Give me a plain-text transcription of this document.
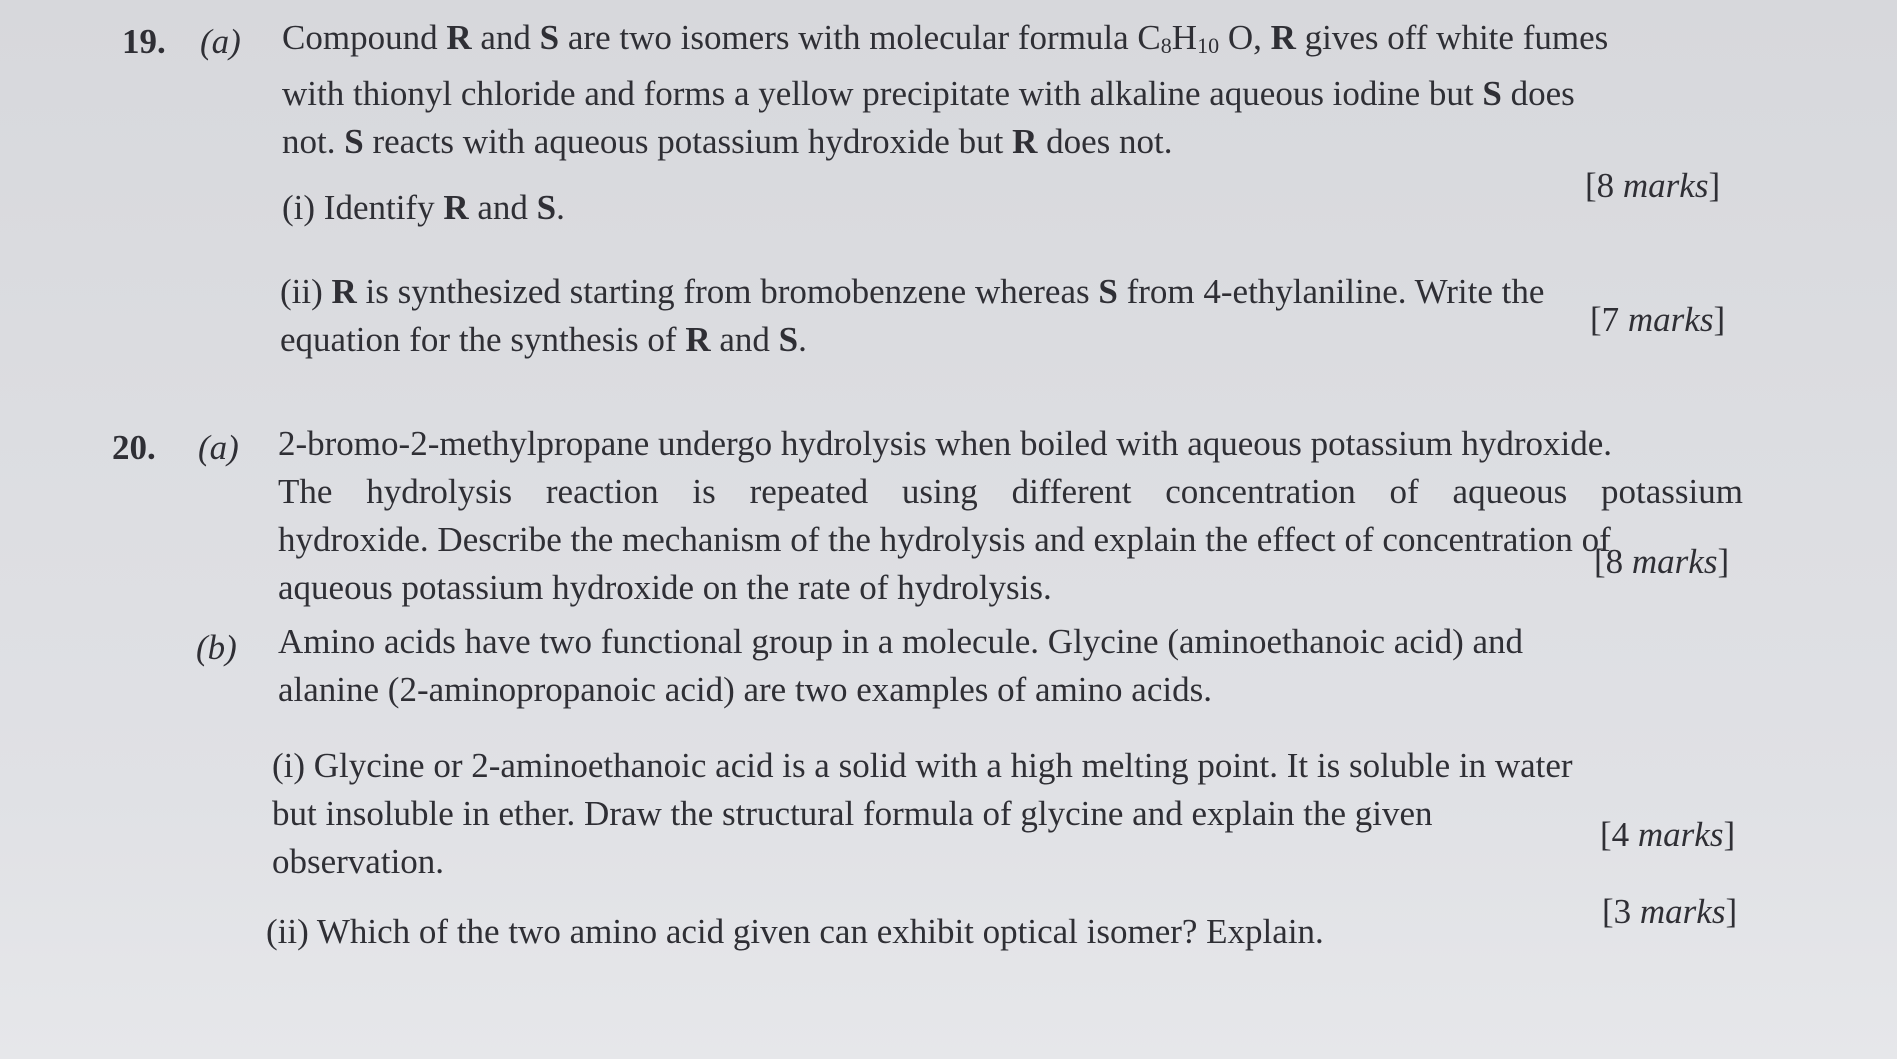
19. (a) Compound R and S are two isomers with molecular formula $C_8H_{10}$ O, R gives off white fumes
with thionyl chloride and forms a yellow precipitate with alkaline aqueous iodine but S does
not. S reacts with aqueous potassium hydroxide but R does not.
(i) Identify R and S.
[8 marks]
(ii) R is synthesized starting from bromobenzene whereas S from 4-ethylaniline. Write the
equation for the synthesis of R and S.
[7 marks]
20. (a) 2-bromo-2-methylpropane undergo hydrolysis when boiled with aqueous potassium hydroxide.
The hydrolysis reaction is repeated using different concentration of aqueous potassium
hydroxide. Describe the mechanism of the hydrolysis and explain the effect of concentration of
aqueous potassium hydroxide on the rate of hydrolysis.
[8 marks]
(b) Amino acids have two functional group in a molecule. Glycine (aminoethanoic acid) and
alanine (2-aminopropanoic acid) are two examples of amino acids.
(i) Glycine or 2-aminoethanoic acid is a solid with a high melting point. It is soluble in water
but insoluble in ether. Draw the structural formula of glycine and explain the given
observation.
[4 marks]
(ii) Which of the two amino acid given can exhibit optical isomer? Explain.
[3 marks]
